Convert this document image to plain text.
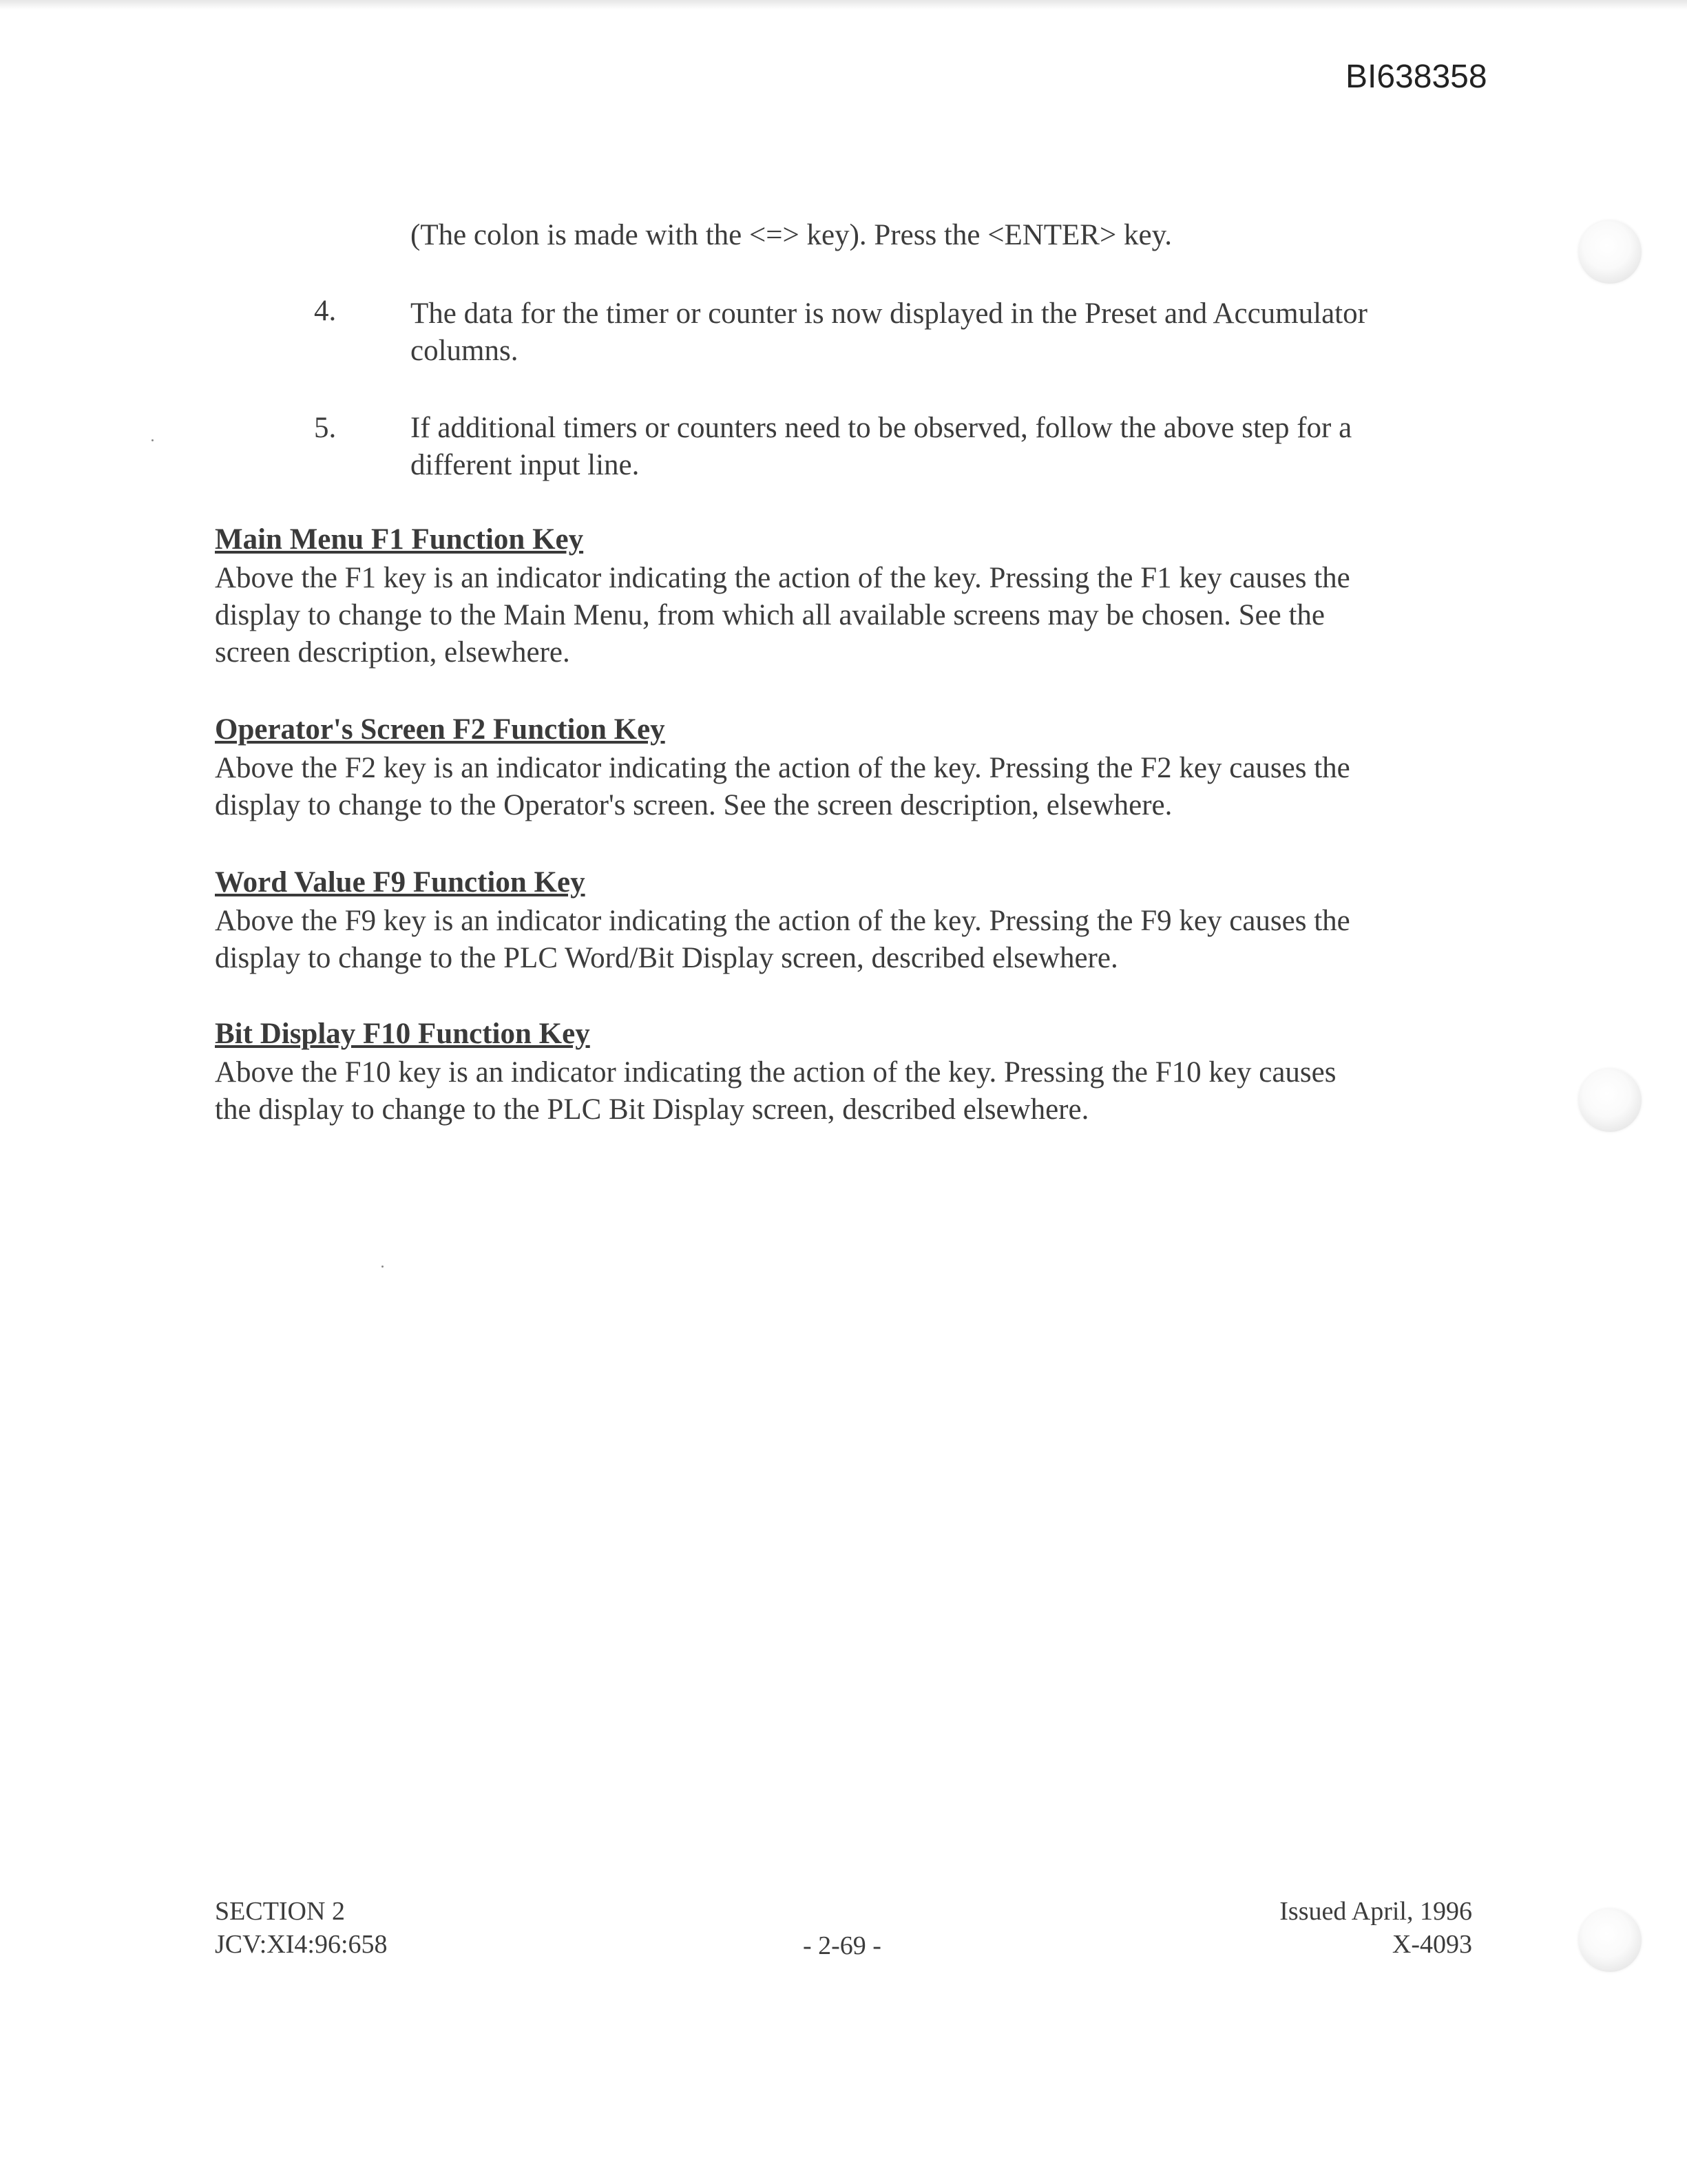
BI638358
(The colon is made with the <=> key). Press the <ENTER> key.
4.	The data for the timer or counter is now displayed in the Preset and Accumulator
columns.
5.	If additional timers or counters need to be observed, follow the above step for a
different input line.
Main Menu F1 Function Key
Above the F1 key is an indicator indicating the action of the key. Pressing the F1 key causes the
display to change to the Main Menu, from which all available screens may be chosen. See the
screen description, elsewhere.
Operator's Screen F2 Function Key
Above the F2 key is an indicator indicating the action of the key. Pressing the F2 key causes the
display to change to the Operator's screen. See the screen description, elsewhere.
Word Value F9 Function Key
Above the F9 key is an indicator indicating the action of the key. Pressing the F9 key causes the
display to change to the PLC Word/Bit Display screen, described elsewhere.
Bit Display F10 Function Key
Above the F10 key is an indicator indicating the action of the key. Pressing the F10 key causes
the display to change to the PLC Bit Display screen, described elsewhere.
SECTION 2
JCV:XI4:96:658	- 2-69 -
Issued April, 1996
X-4093
